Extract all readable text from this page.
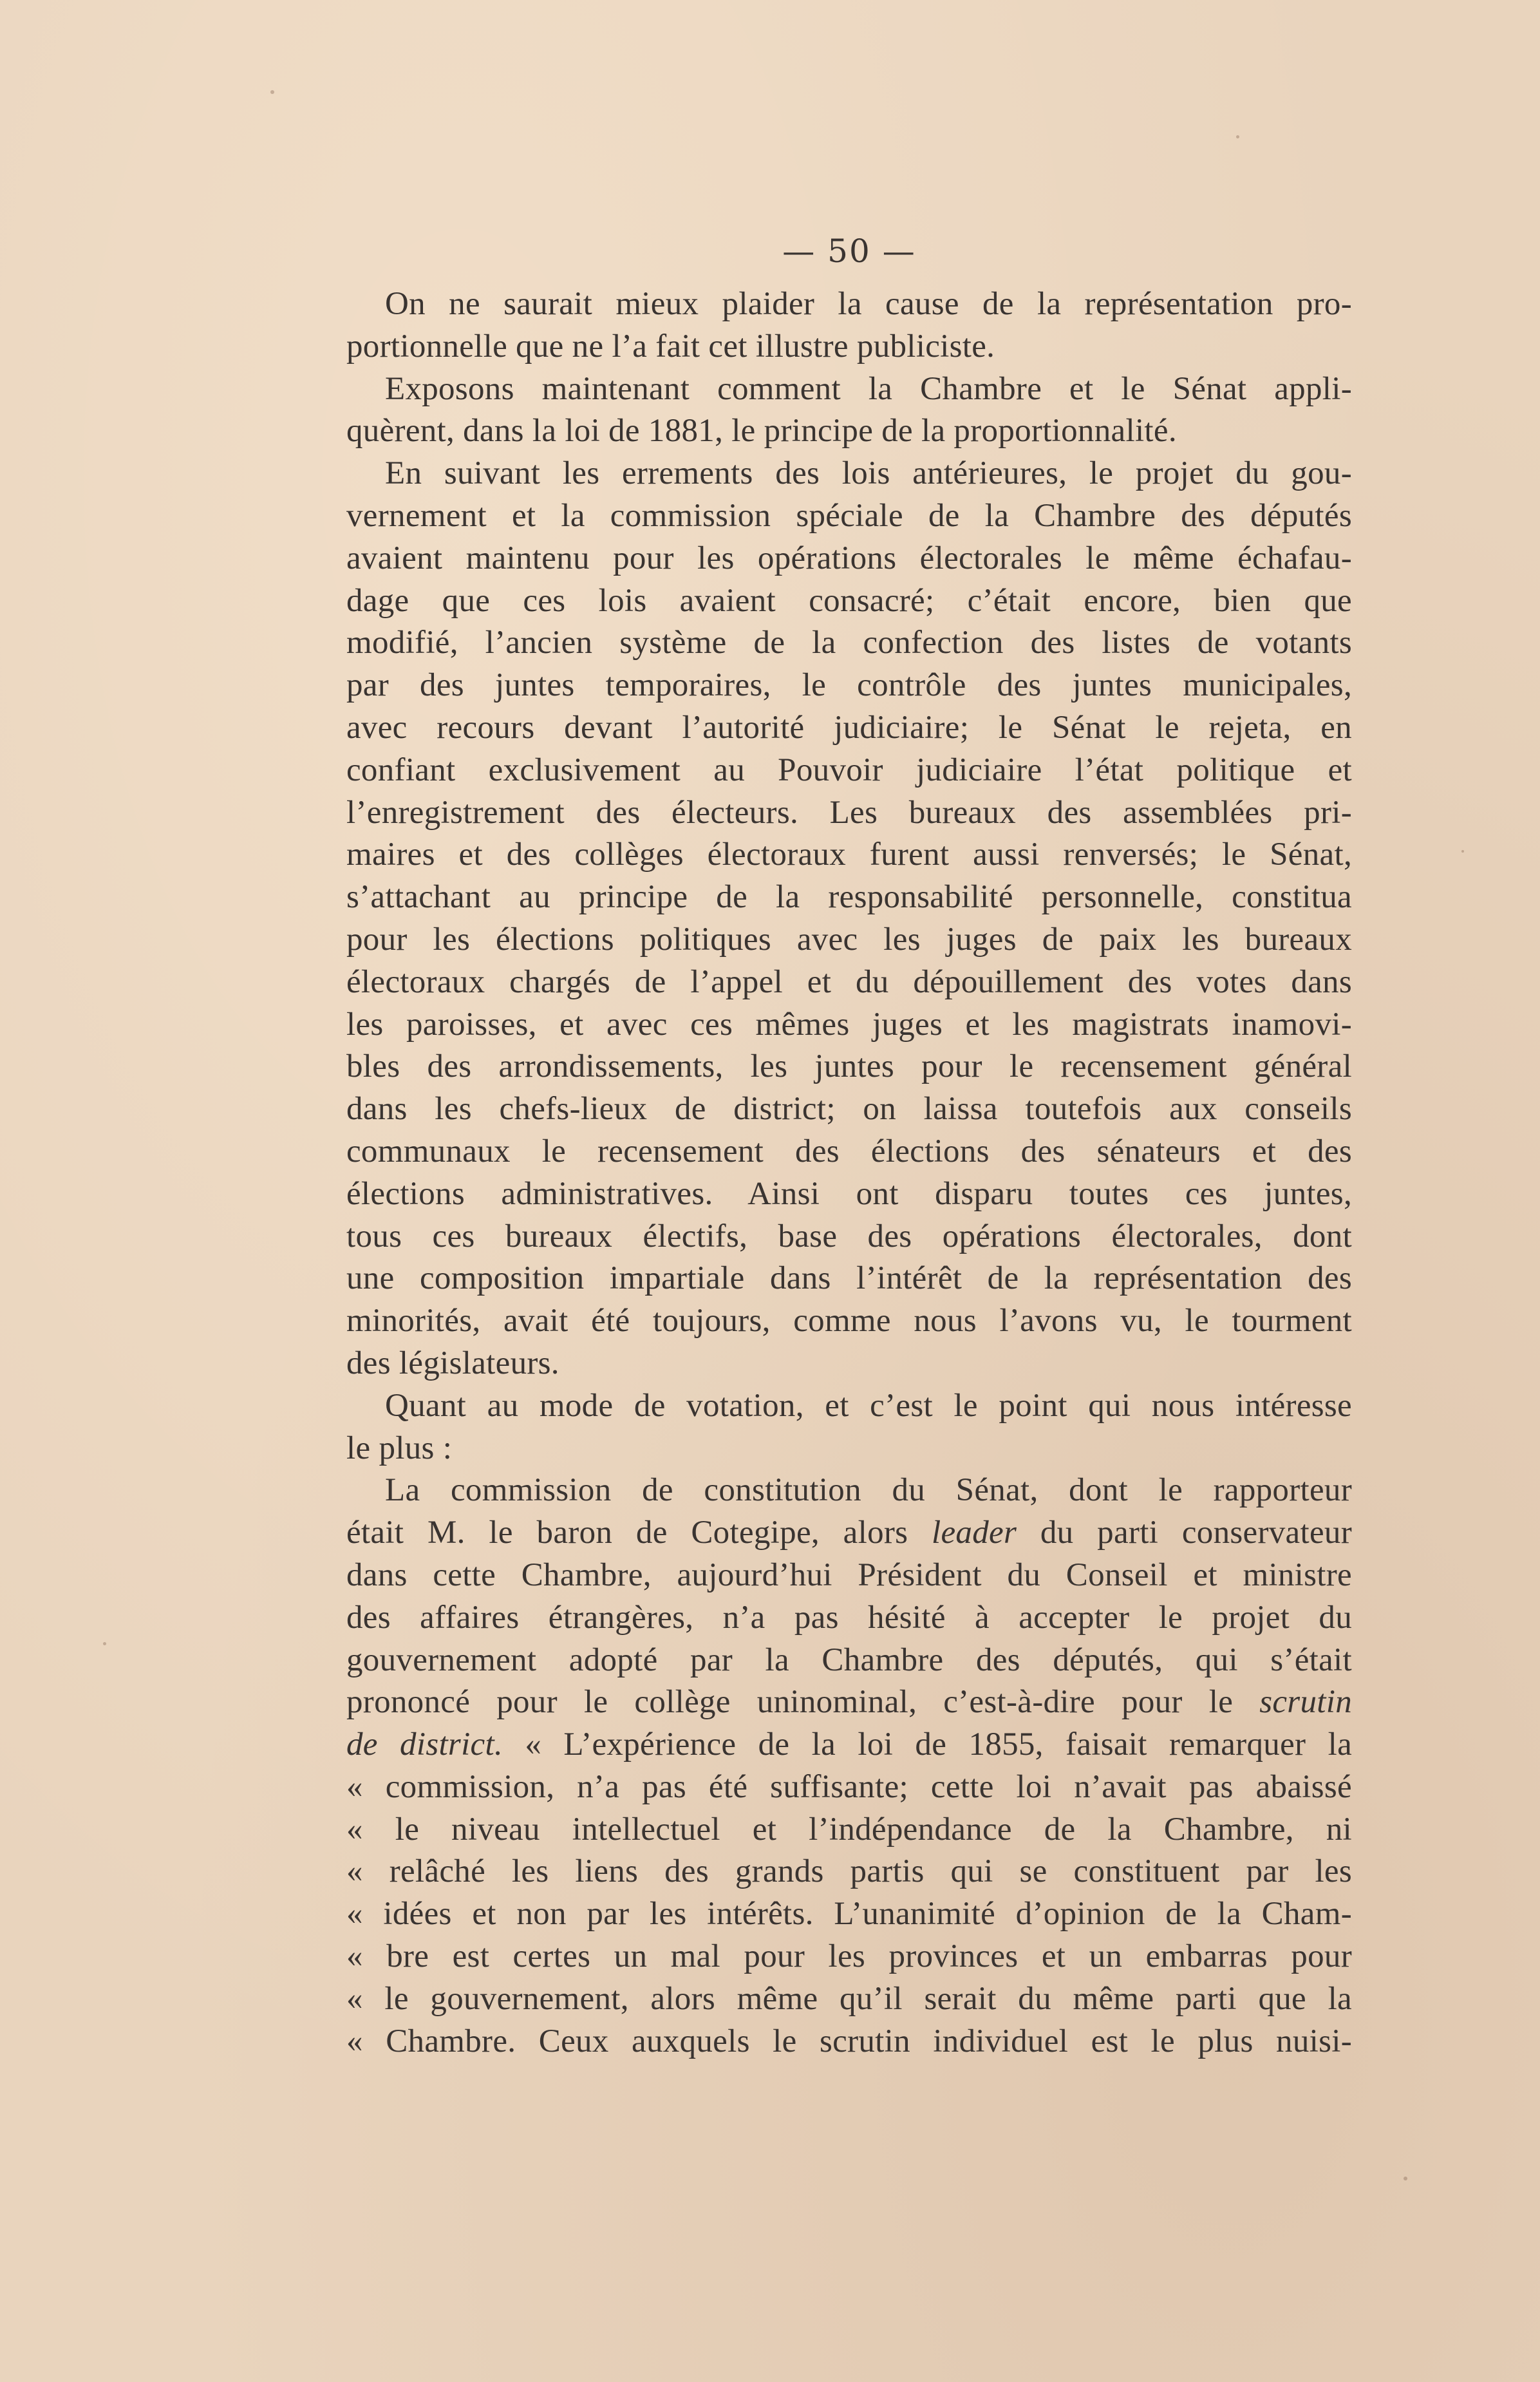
— 50 —
On ne saurait mieux plaider la cause de la représentation pro-
portionnelle que ne l’a fait cet illustre publiciste.
Exposons maintenant comment la Chambre et le Sénat appli-
quèrent, dans la loi de 1881, le principe de la proportionnalité.
En suivant les errements des lois antérieures, le projet du gou-
vernement et la commission spéciale de la Chambre des députés
avaient maintenu pour les opérations électorales le même échafau-
dage que ces lois avaient consacré; c’était encore, bien que
modifié, l’ancien système de la confection des listes de votants
par des juntes temporaires, le contrôle des juntes municipales,
avec recours devant l’autorité judiciaire; le Sénat le rejeta, en
confiant exclusivement au Pouvoir judiciaire l’état politique et
l’enregistrement des électeurs. Les bureaux des assemblées pri-
maires et des collèges électoraux furent aussi renversés; le Sénat,
s’attachant au principe de la responsabilité personnelle, constitua
pour les élections politiques avec les juges de paix les bureaux
électoraux chargés de l’appel et du dépouillement des votes dans
les paroisses, et avec ces mêmes juges et les magistrats inamovi-
bles des arrondissements, les juntes pour le recensement général
dans les chefs-lieux de district; on laissa toutefois aux conseils
communaux le recensement des élections des sénateurs et des
élections administratives. Ainsi ont disparu toutes ces juntes,
tous ces bureaux électifs, base des opérations électorales, dont
une composition impartiale dans l’intérêt de la représentation des
minorités, avait été toujours, comme nous l’avons vu, le tourment
des législateurs.
Quant au mode de votation, et c’est le point qui nous intéresse
le plus :
La commission de constitution du Sénat, dont le rapporteur
était M. le baron de Cotegipe, alors leader du parti conservateur
dans cette Chambre, aujourd’hui Président du Conseil et ministre
des affaires étrangères, n’a pas hésité à accepter le projet du
gouvernement adopté par la Chambre des députés, qui s’était
prononcé pour le collège uninominal, c’est-à-dire pour le scrutin
de district. « L’expérience de la loi de 1855, faisait remarquer la
« commission, n’a pas été suffisante; cette loi n’avait pas abaissé
« le niveau intellectuel et l’indépendance de la Chambre, ni
« relâché les liens des grands partis qui se constituent par les
« idées et non par les intérêts. L’unanimité d’opinion de la Cham-
« bre est certes un mal pour les provinces et un embarras pour
« le gouvernement, alors même qu’il serait du même parti que la
« Chambre. Ceux auxquels le scrutin individuel est le plus nuisi-
